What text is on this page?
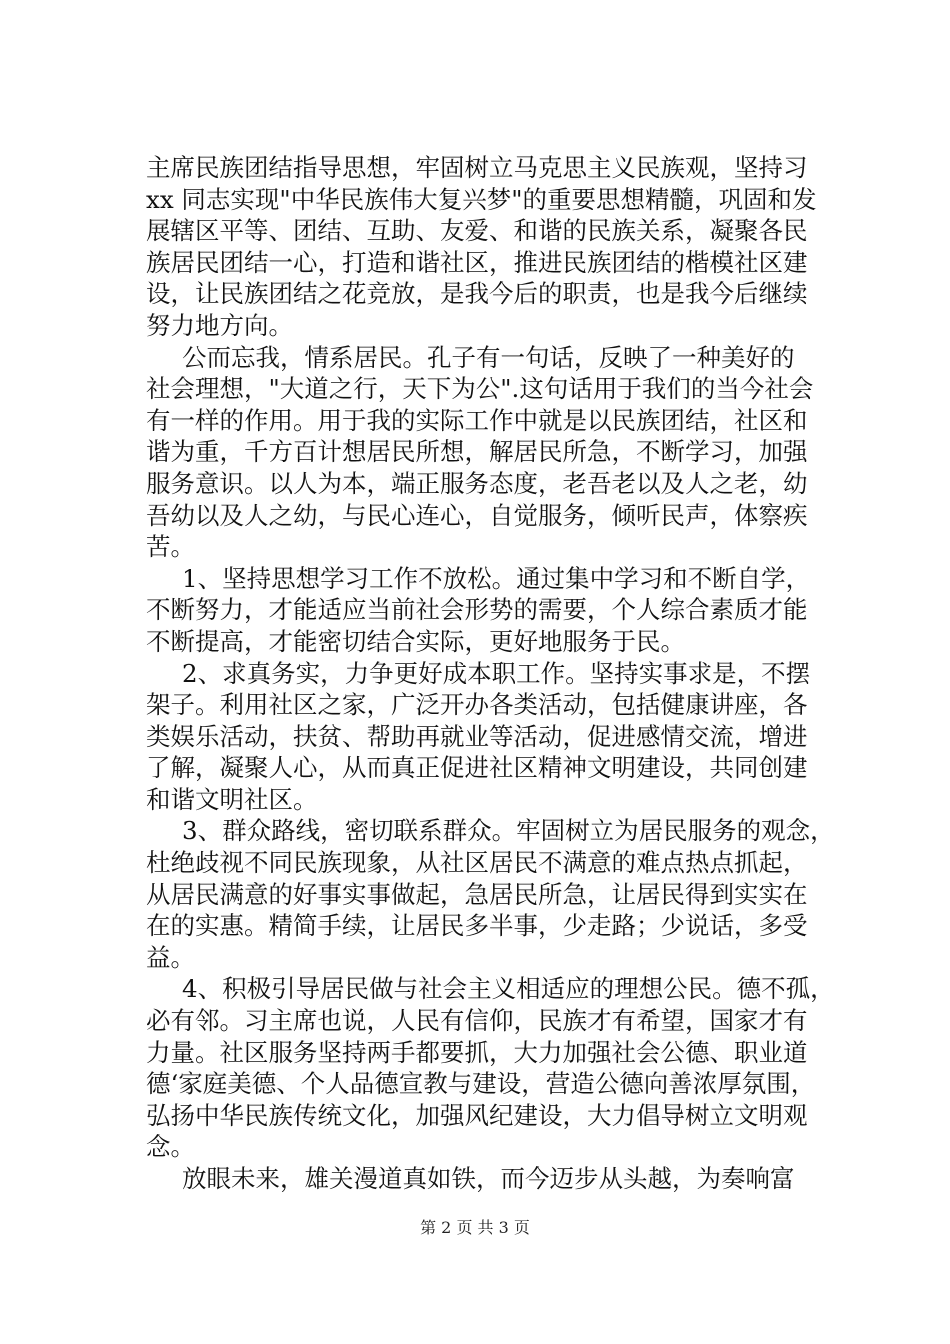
主席民族团结指导思想，牢固树立马克思主义民族观，坚持习
xx 同志实现"中华民族伟大复兴梦"的重要思想精髓，巩固和发
展辖区平等、团结、互助、友爱、和谐的民族关系，凝聚各民
族居民团结一心，打造和谐社区，推进民族团结的楷模社区建
设，让民族团结之花竞放，是我今后的职责，也是我今后继续
努力地方向。
公而忘我，情系居民。孔子有一句话，反映了一种美好的
社会理想，"大道之行，天下为公".这句话用于我们的当今社会
有一样的作用。用于我的实际工作中就是以民族团结，社区和
谐为重，千方百计想居民所想，解居民所急，不断学习，加强
服务意识。以人为本，端正服务态度，老吾老以及人之老，幼
吾幼以及人之幼，与民心连心，自觉服务，倾听民声，体察疾
苦。
1、坚持思想学习工作不放松。通过集中学习和不断自学，
不断努力，才能适应当前社会形势的需要，个人综合素质才能
不断提高，才能密切结合实际，更好地服务于民。
2、求真务实，力争更好成本职工作。坚持实事求是，不摆
架子。利用社区之家，广泛开办各类活动，包括健康讲座，各
类娱乐活动，扶贫、帮助再就业等活动，促进感情交流，增进
了解，凝聚人心，从而真正促进社区精神文明建设，共同创建
和谐文明社区。
3、群众路线，密切联系群众。牢固树立为居民服务的观念，
杜绝歧视不同民族现象，从社区居民不满意的难点热点抓起，
从居民满意的好事实事做起，急居民所急，让居民得到实实在
在的实惠。精简手续，让居民多半事，少走路；少说话，多受
益。
4、积极引导居民做与社会主义相适应的理想公民。德不孤，
必有邻。习主席也说，人民有信仰，民族才有希望，国家才有
力量。社区服务坚持两手都要抓，大力加强社会公德、职业道
德‘家庭美德、个人品德宣教与建设，营造公德向善浓厚氛围，
弘扬中华民族传统文化，加强风纪建设，大力倡导树立文明观
念。
放眼未来，雄关漫道真如铁，而今迈步从头越，为奏响富
第 2 页 共 3 页
